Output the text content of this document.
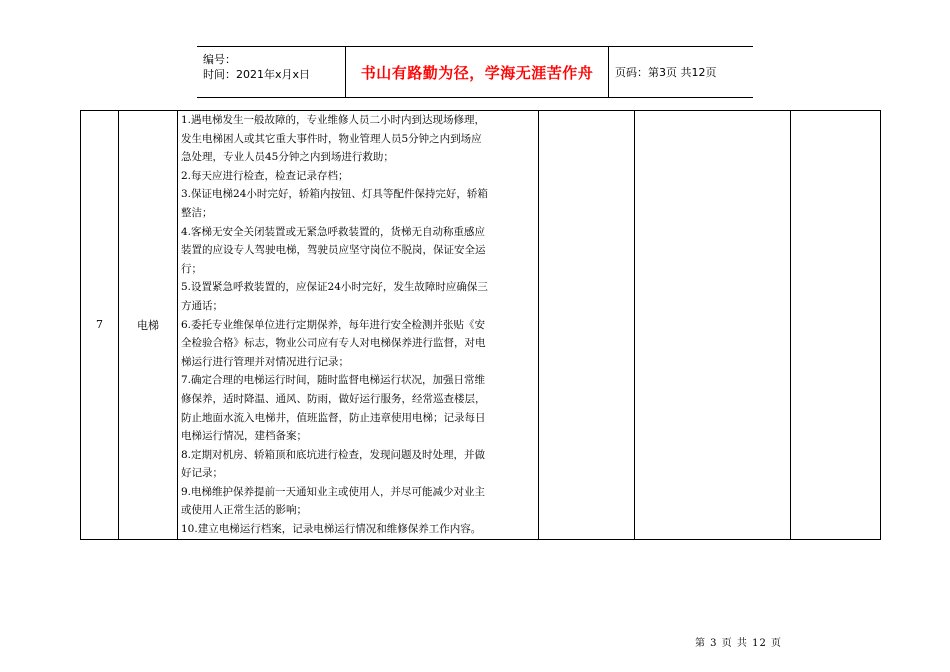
编号：
时间：2021年x月x日	书山有路勤为径，学海无涯苦作舟	页码：第3页 共12页
7	电梯	
1.遇电梯发生一般故障的，专业维修人员二小时内到达现场修理，
发生电梯困人或其它重大事件时，物业管理人员5分钟之内到场应
急处理，专业人员45分钟之内到场进行救助；
2.每天应进行检查，检查记录存档；
3.保证电梯24小时完好，轿箱内按钮、灯具等配件保持完好，轿箱
整洁；
4.客梯无安全关闭装置或无紧急呼救装置的，货梯无自动称重感应
装置的应设专人驾驶电梯，驾驶员应坚守岗位不脱岗，保证安全运
行；
5.设置紧急呼救装置的，应保证24小时完好，发生故障时应确保三
方通话；
6.委托专业维保单位进行定期保养，每年进行安全检测并张贴《安
全检验合格》标志，物业公司应有专人对电梯保养进行监督，对电
梯运行进行管理并对情况进行记录；
7.确定合理的电梯运行时间，随时监督电梯运行状况，加强日常维
修保养，适时降温、通风、防雨，做好运行服务，经常巡查楼层，
防止地面水流入电梯井，值班监督，防止违章使用电梯；记录每日
电梯运行情况，建档备案；
8.定期对机房、轿箱顶和底坑进行检查，发现问题及时处理，并做
好记录；
9.电梯维护保养提前一天通知业主或使用人，并尽可能减少对业主
或使用人正常生活的影响；
10.建立电梯运行档案，记录电梯运行情况和维修保养工作内容。

第 3 页 共 12 页
